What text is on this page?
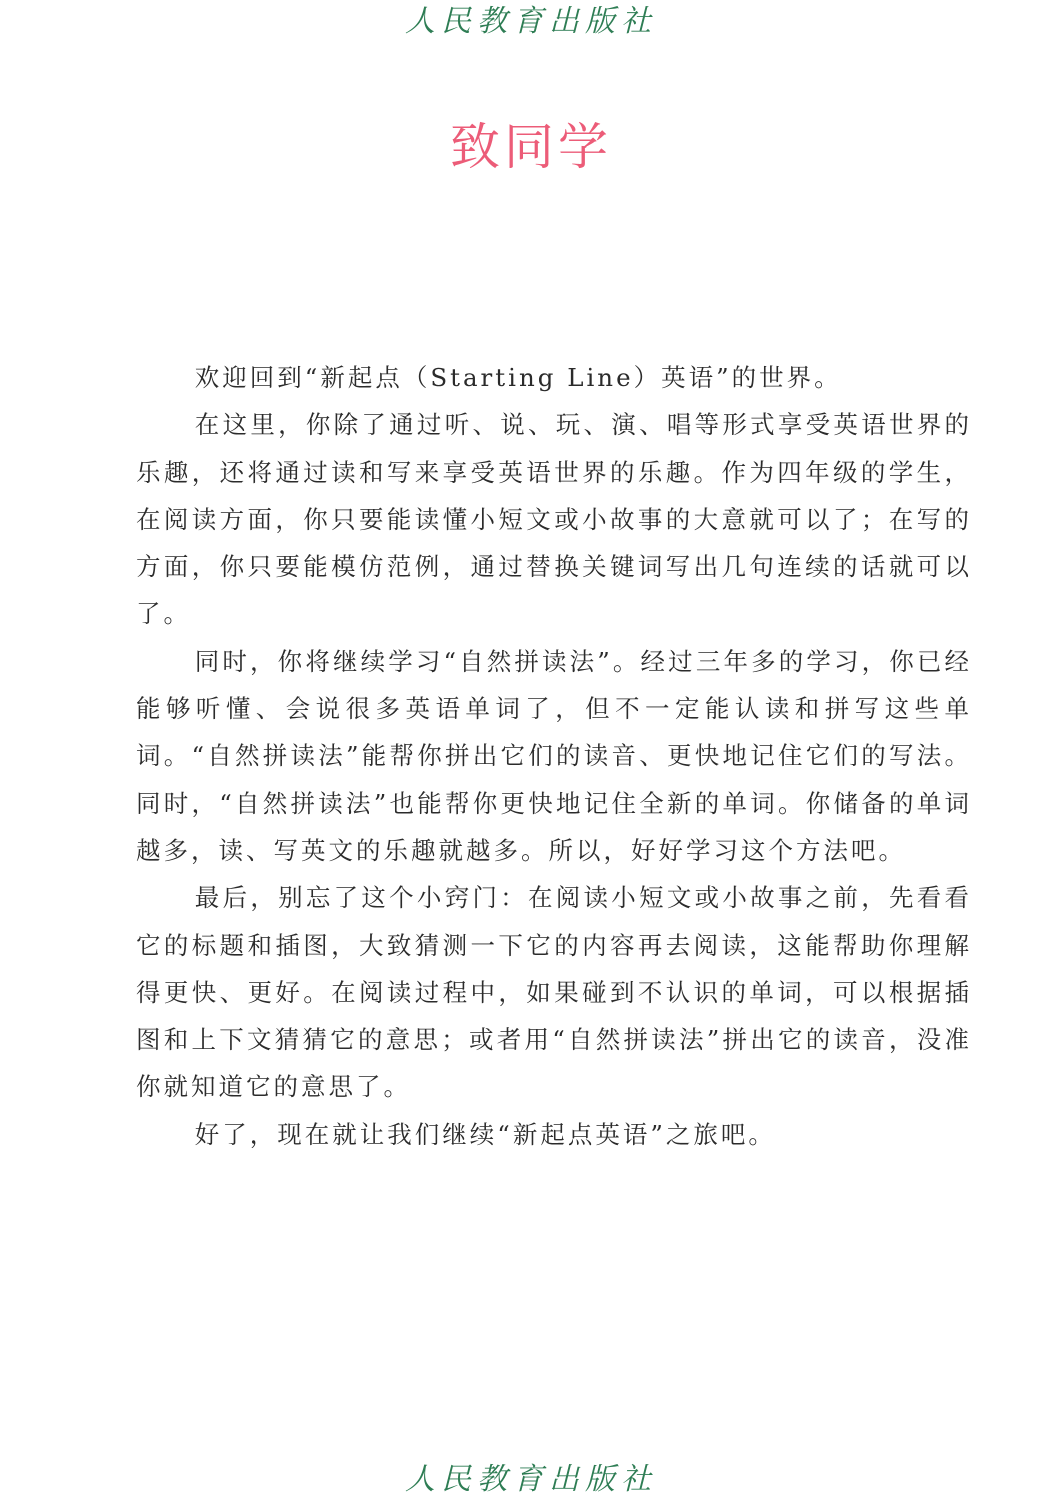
人民教育出版社
致同学

欢迎回到“新起点（Starting Line）英语”的世界。

在这里，你除了通过听、说、玩、演、唱等形式享受英语世界的乐趣，还将通过读和写来享受英语世界的乐趣。作为四年级的学生，在阅读方面，你只要能读懂小短文或小故事的大意就可以了；在写的方面，你只要能模仿范例，通过替换关键词写出几句连续的话就可以了。

同时，你将继续学习“自然拼读法”。经过三年多的学习，你已经能够听懂、会说很多英语单词了，但不一定能认读和拼写这些单词。“自然拼读法”能帮你拼出它们的读音、更快地记住它们的写法。同时，“自然拼读法”也能帮你更快地记住全新的单词。你储备的单词越多，读、写英文的乐趣就越多。所以，好好学习这个方法吧。

最后，别忘了这个小窍门：在阅读小短文或小故事之前，先看看它的标题和插图，大致猜测一下它的内容再去阅读，这能帮助你理解得更快、更好。在阅读过程中，如果碰到不认识的单词，可以根据插图和上下文猜猜它的意思；或者用“自然拼读法”拼出它的读音，没准你就知道它的意思了。

好了，现在就让我们继续“新起点英语”之旅吧。

人民教育出版社
